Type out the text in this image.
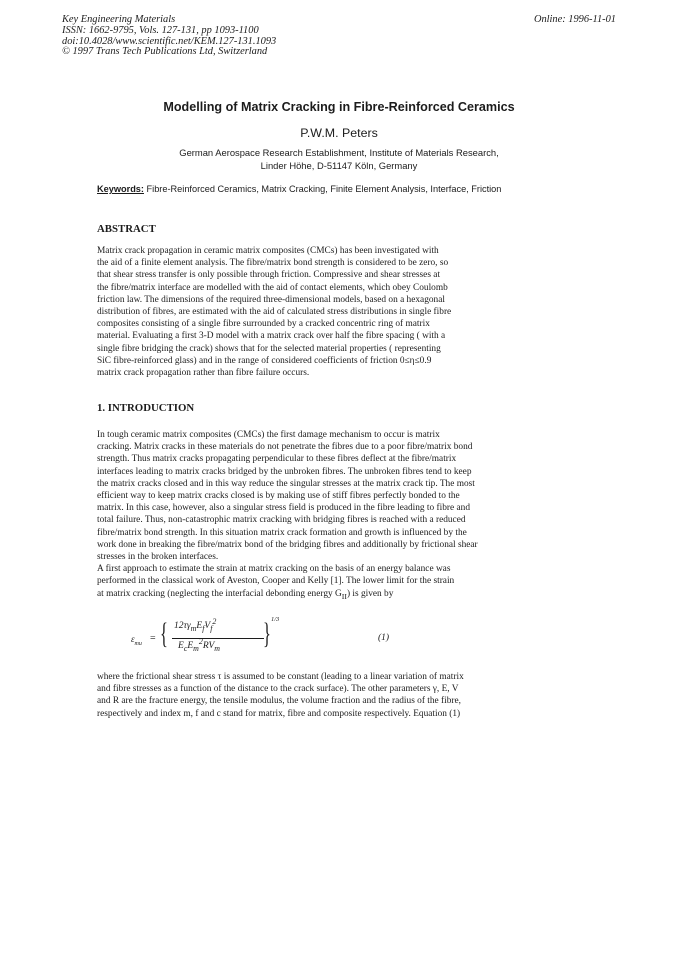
Key Engineering Materials
ISSN: 1662-9795, Vols. 127-131, pp 1093-1100
doi:10.4028/www.scientific.net/KEM.127-131.1093
© 1997 Trans Tech Publications Ltd, Switzerland
Online: 1996-11-01
Modelling of Matrix Cracking in Fibre-Reinforced Ceramics
P.W.M. Peters
German Aerospace Research Establishment, Institute of Materials Research,
Linder Höhe, D-51147 Köln, Germany
Keywords: Fibre-Reinforced Ceramics, Matrix Cracking, Finite Element Analysis, Interface, Friction
ABSTRACT
Matrix crack propagation in ceramic matrix composites (CMCs) has been investigated with
the aid of a finite element analysis. The fibre/matrix bond strength is considered to be zero, so
that shear stress transfer is only possible through friction. Compressive and shear stresses at
the fibre/matrix interface are modelled with the aid of contact elements, which obey Coulomb
friction law. The dimensions of the required three-dimensional models, based on a hexagonal
distribution of fibres, are estimated with the aid of calculated stress distributions in single fibre
composites consisting of a single fibre surrounded by a cracked concentric ring of matrix
material. Evaluating a first 3-D model with a matrix crack over half the fibre spacing ( with a
single fibre bridging the crack) shows that for the selected material properties ( representing
SiC fibre-reinforced glass) and in the range of considered coefficients of friction 0≤η≤0.9
matrix crack propagation rather than fibre failure occurs.
1. INTRODUCTION
In tough ceramic matrix composites (CMCs) the first damage mechanism to occur is matrix
cracking. Matrix cracks in these materials do not penetrate the fibres due to a poor fibre/matrix bond
strength. Thus matrix cracks propagating perpendicular to these fibres deflect at the fibre/matrix
interfaces leading to matrix cracks bridged by the unbroken fibres. The unbroken fibres tend to keep
the matrix cracks closed and in this way reduce the singular stresses at the matrix crack tip. The most
efficient way to keep matrix cracks closed is by making use of stiff fibres perfectly bonded to the
matrix. In this case, however, also a singular stress field is produced in the fibre leading to fibre and
total failure. Thus, non-catastrophic matrix cracking with bridging fibres is reached with a reduced
fibre/matrix bond strength. In this situation matrix crack formation and growth is influenced by the
work done in breaking the fibre/matrix bond of the bridging fibres and additionally by frictional shear
stresses in the broken interfaces.
A first approach to estimate the strain at matrix cracking on the basis of an energy balance was
performed in the classical work of Aveston, Cooper and Kelly [1]. The lower limit for the strain
at matrix cracking (neglecting the interfacial debonding energy $G_{II}$) is given by
$\varepsilon_{mu}$ = { $12\tau\gamma_mE_fV_f^2$
$E_cE_m^2RV_m$ } 1/3
(1)
where the frictional shear stress τ is assumed to be constant (leading to a linear variation of matrix
and fibre stresses as a function of the distance to the crack surface). The other parameters γ, E, V
and R are the fracture energy, the tensile modulus, the volume fraction and the radius of the fibre,
respectively and index m, f and c stand for matrix, fibre and composite respectively. Equation (1)
